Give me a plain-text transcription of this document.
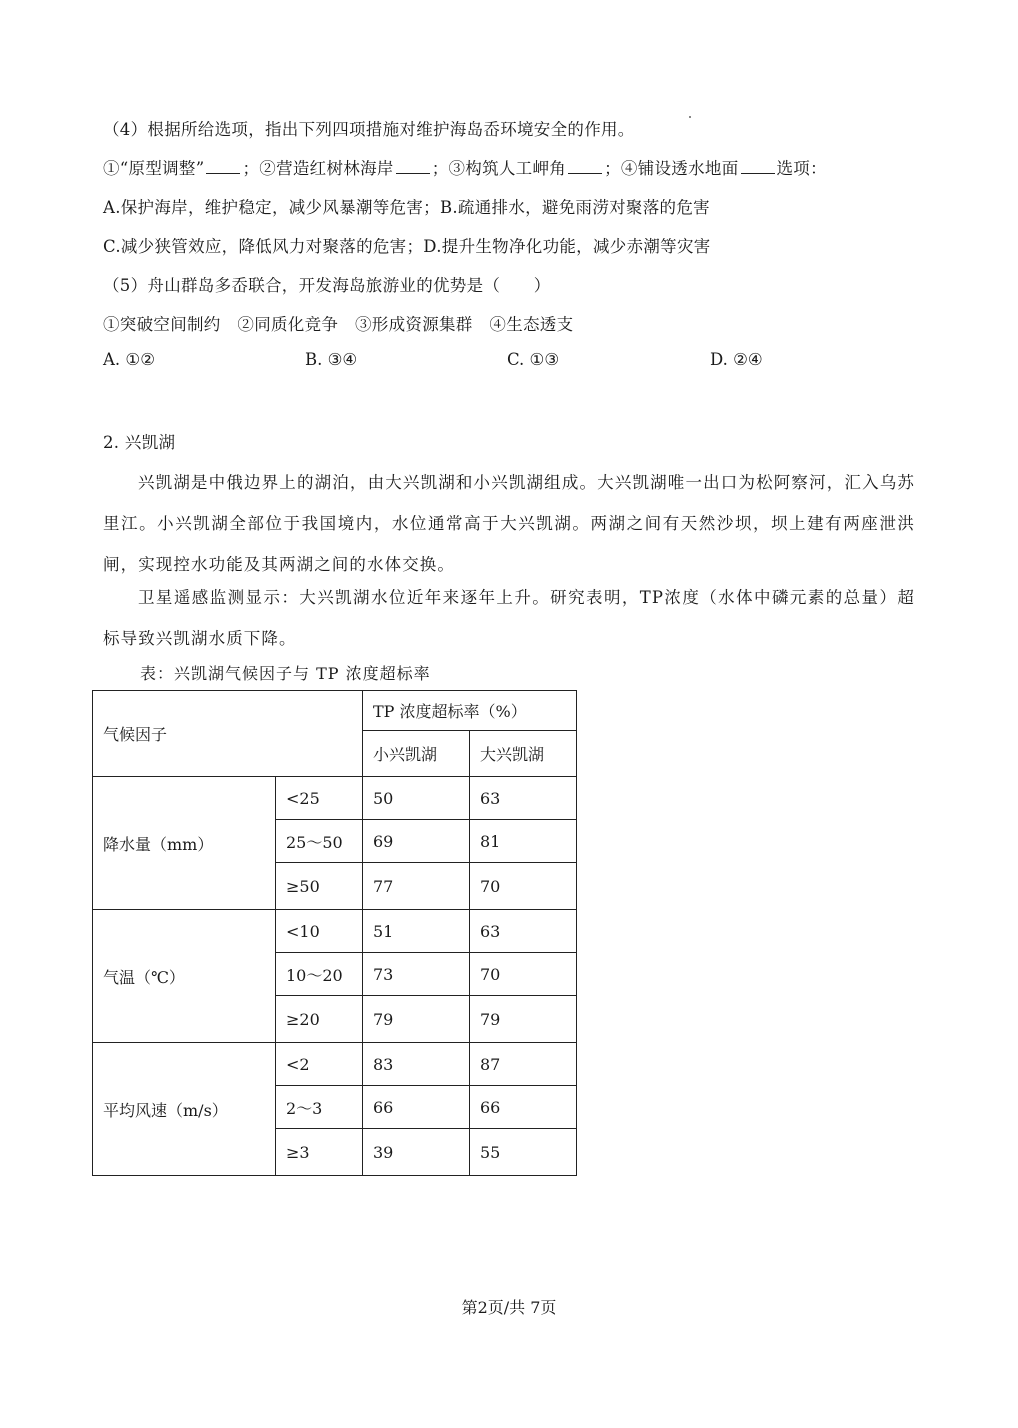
（4）根据所给选项，指出下列四项措施对维护海岛岙环境安全的作用。
①“原型调整” ；②营造红树林海岸 ；③构筑人工岬角 ；④铺设透水地面 选项：
A.保护海岸，维护稳定，减少风暴潮等危害；B.疏通排水，避免雨涝对聚落的危害
C.减少狭管效应，降低风力对聚落的危害；D.提升生物净化功能，减少赤潮等灾害
（5）舟山群岛多岙联合，开发海岛旅游业的优势是（　　）
①突破空间制约　②同质化竞争　③形成资源集群　④生态透支
A. ①②	B. ③④	C. ①③	D. ②④
2. 兴凯湖

兴凯湖是中俄边界上的湖泊，由大兴凯湖和小兴凯湖组成。大兴凯湖唯一出口为松阿察河，汇入乌苏里江。小兴凯湖全部位于我国境内，水位通常高于大兴凯湖。两湖之间有天然沙坝，坝上建有两座泄洪闸，实现控水功能及其两湖之间的水体交换。

卫星遥感监测显示：大兴凯湖水位近年来逐年上升。研究表明，TP浓度（水体中磷元素的总量）超标导致兴凯湖水质下降。

表：兴凯湖气候因子与 TP 浓度超标率
气候因子		TP 浓度超标率（%）	
		小兴凯湖	大兴凯湖
降水量（mm）	<25	50	63
	25～50	69	81
	≥50	77	70
气温（℃）	<10	51	63
	10～20	73	70
	≥20	79	79
平均风速（m/s）	<2	83	87
	2～3	66	66
	≥3	39	55
第2页/共 7页
